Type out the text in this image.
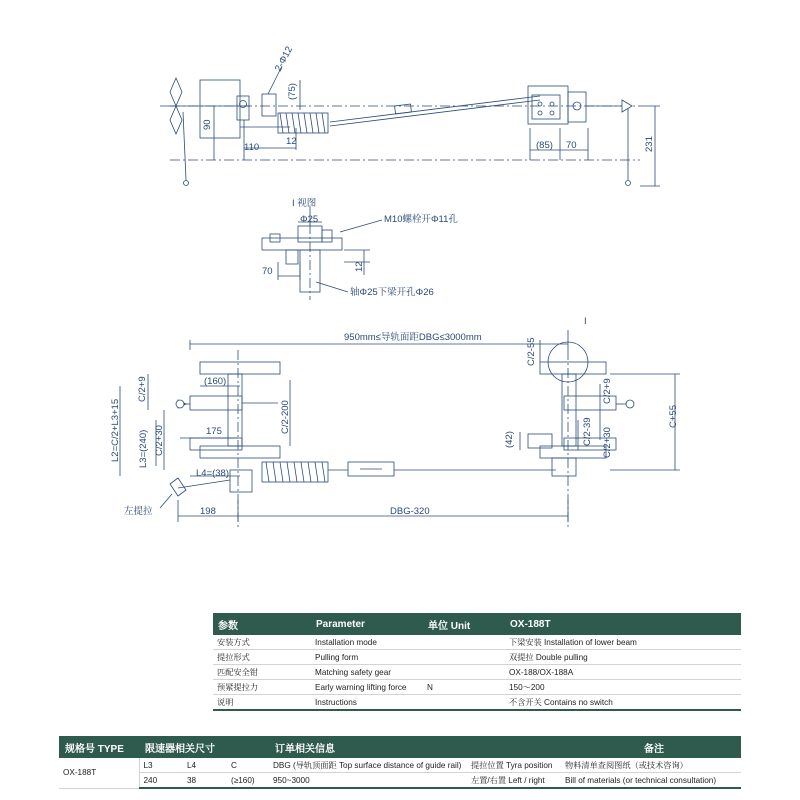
2-Φ12
(75)
90
110
12	(85) 70	231
I 视图
Φ25	M10螺栓开Φ11孔
70	12
轴Φ25下梁开孔Φ26
950mm≤导轨面距DBG≤3000mm	C/2-55
I
(160)
C/2+9	C/2+9
L2=C/2+L3+15 L3=(240)
C/2-200
175
C/2+30	C/2+30
C/2-39
C+55
(42)
L4=(38)
198	DBG-320
左提拉
参数	Parameter	单位 Unit	OX-188T
安装方式	Installation mode		下梁安装 Installation of lower beam
提拉形式	Pulling form		双提拉 Double pulling
匹配安全钳	Matching safety gear		OX-188/OX-188A
预紧提拉力	Early warning lifting force	N	150～200
说明	Instructions		不含开关 Contains no switch
规格号 TYPE	限速器相关尺寸			订单相关信息		备注
OX-188T	L3	L4	C	DBG (导轨顶面距 Top surface distance of guide rail)	提拉位置 Tyra position	物料清单查阅图纸（或技术咨询）
	240	38	(≥160)	950~3000	左置/右置 Left / right	Bill of materials (or technical consultation)
